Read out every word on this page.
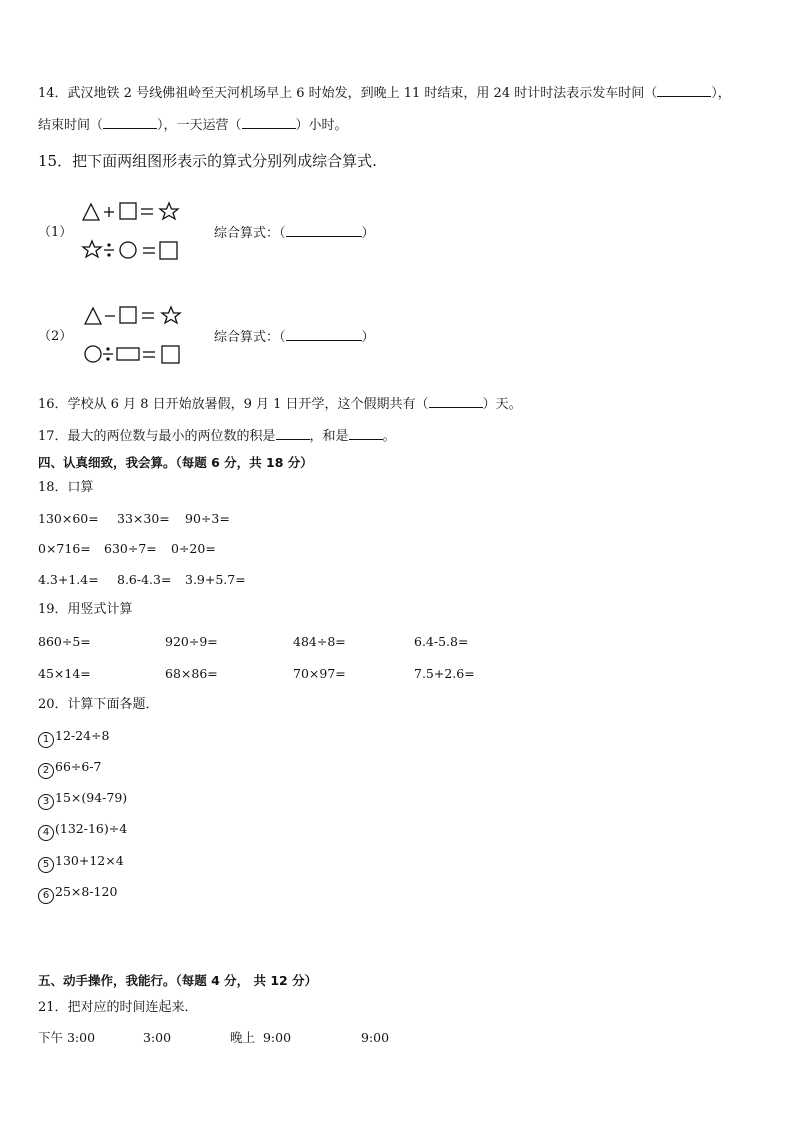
14．武汉地铁 2 号线佛祖岭至天河机场早上 6 时始发，到晚上 11 时结束，用 24 时计时法表示发车时间（	），
结束时间（	），一天运营（	）小时。
15．把下面两组图形表示的算式分别列成综合算式.
（1）	综合算式：（	）
（2）	综合算式：（	）
16．学校从 6 月 8 日开始放暑假，9 月 1 日开学，这个假期共有（	）天。
17．最大的两位数与最小的两位数的积是	，和是	。
四、认真细致，我会算。（每题 6 分，共 18 分）
18．口算
130×60= 33×30= 90÷3=
0×716= 630÷7= 0÷20=
4.3+1.4= 8.6-4.3= 3.9+5.7=
19．用竖式计算
860÷5=	920÷9=	484÷8=	6.4-5.8=
45×14=	68×86=	70×97=	7.5+2.6=
20．计算下面各题．
1 12-24÷8
2 66÷6-7
3 15×(94-79)
4 (132-16)÷4
5 130+12×4
6 25×8-120
五、动手操作，我能行。（每题 4 分， 共 12 分）
21．把对应的时间连起来．
下午 3:00	3:00	晚上  9:00	9:00
